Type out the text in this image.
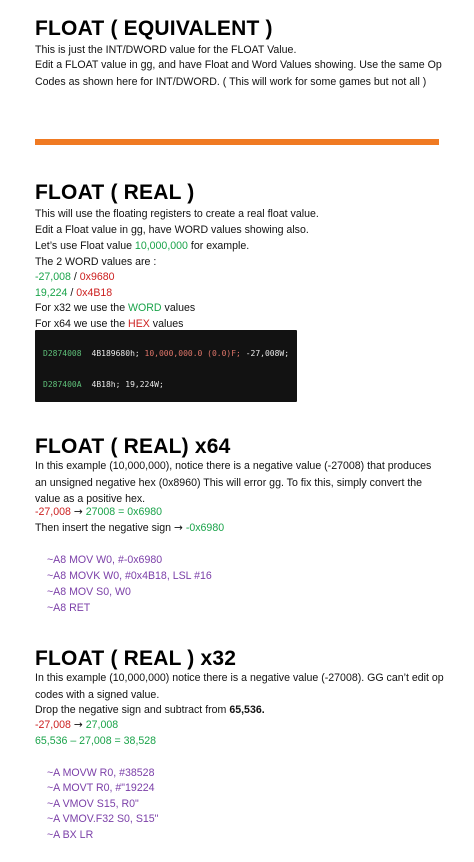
FLOAT ( EQUIVALENT )
This is just the INT/DWORD value for the FLOAT Value.
Edit a FLOAT value in gg, and have Float and Word Values showing. Use the same Op Codes as shown here for INT/DWORD. ( This will work for some games but not all )
FLOAT ( REAL )
This will use the floating registers to create a real float value.
Edit a Float value in gg, have WORD values showing also.
Let’s use Float value 10,000,000 for example.
The 2 WORD values are :
-27,008 / 0x9680
19,224 / 0x4B18
For x32 we use the WORD values
For x64 we use the HEX values
D2874008 4B189680h; 10,000,000.0 (0.0)F; -27,008W;
D287400A 4B18h; 19,224W;
FLOAT ( REAL) x64
In this example (10,000,000), notice there is a negative value (-27008) that produces an unsigned negative hex (0x8960) This will error gg. To fix this, simply convert the value as a positive hex.
-27,008 → 27008 = 0x6980
Then insert the negative sign → -0x6980
~A8 MOV W0, #-0x6980
~A8 MOVK W0, #0x4B18, LSL #16
~A8 MOV S0, W0
~A8 RET
FLOAT ( REAL ) x32
In this example (10,000,000) notice there is a negative value (-27008). GG can’t edit op codes with a signed value.
Drop the negative sign and subtract from 65,536.
-27,008 → 27,008
65,536 – 27,008 = 38,528
~A MOVW R0, #38528
~A MOVT R0, #"19224
~A VMOV S15, R0"
~A VMOV.F32 S0, S15"
~A BX LR
